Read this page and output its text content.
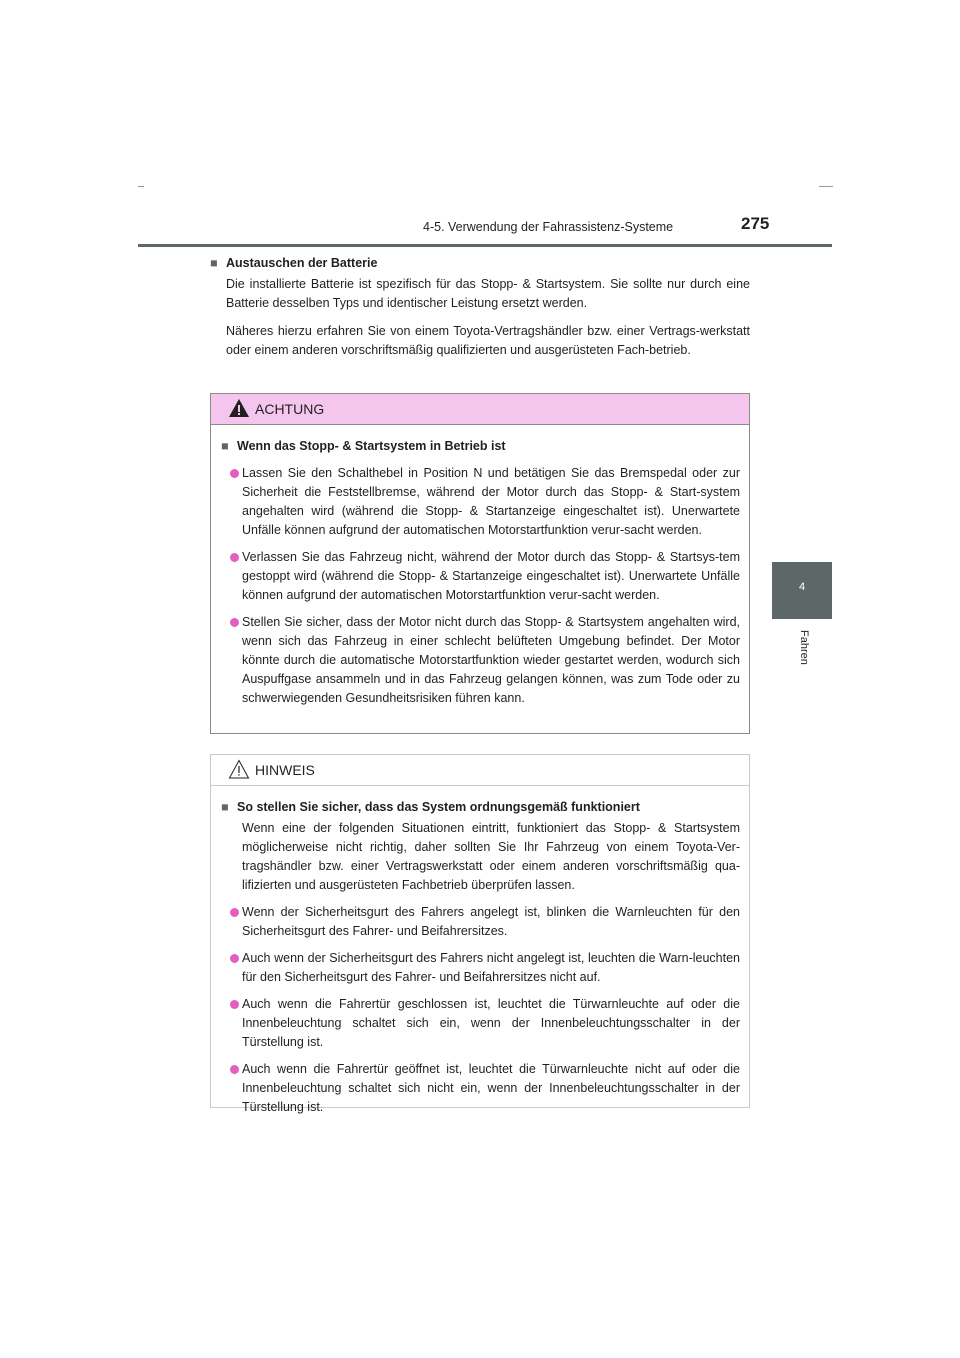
4-5. Verwendung der Fahrassistenz-Systeme	275
4
Fahren
■ Austauschen der Batterie

Die installierte Batterie ist spezifisch für das Stopp- & Startsystem. Sie sollte nur durch eine Batterie desselben Typs und identischer Leistung ersetzt werden.

Näheres hierzu erfahren Sie von einem Toyota-Vertragshändler bzw. einer Vertrags-werkstatt oder einem anderen vorschriftsmäßig qualifizierten und ausgerüsteten Fach-betrieb.

ACHTUNG
■ Wenn das Stopp- & Startsystem in Betrieb ist
Lassen Sie den Schalthebel in Position N und betätigen Sie das Bremspedal oder zur Sicherheit die Feststellbremse, während der Motor durch das Stopp- & Start-system angehalten wird (während die Stopp- & Startanzeige eingeschaltet ist). Unerwartete Unfälle können aufgrund der automatischen Motorstartfunktion verur-sacht werden.
Verlassen Sie das Fahrzeug nicht, während der Motor durch das Stopp- & Startsys-tem gestoppt wird (während die Stopp- & Startanzeige eingeschaltet ist). Unerwartete Unfälle können aufgrund der automatischen Motorstartfunktion verur-sacht werden.
Stellen Sie sicher, dass der Motor nicht durch das Stopp- & Startsystem angehalten wird, wenn sich das Fahrzeug in einer schlecht belüfteten Umgebung befindet. Der Motor könnte durch die automatische Motorstartfunktion wieder gestartet werden, wodurch sich Auspuffgase ansammeln und in das Fahrzeug gelangen können, was zum Tode oder zu schwerwiegenden Gesundheitsrisiken führen kann.
HINWEIS
■ So stellen Sie sicher, dass das System ordnungsgemäß funktioniert
Wenn eine der folgenden Situationen eintritt, funktioniert das Stopp- & Startsystem möglicherweise nicht richtig, daher sollten Sie Ihr Fahrzeug von einem Toyota-Ver-tragshändler bzw. einer Vertragswerkstatt oder einem anderen vorschriftsmäßig qua-lifizierten und ausgerüsteten Fachbetrieb überprüfen lassen.
Wenn der Sicherheitsgurt des Fahrers angelegt ist, blinken die Warnleuchten für den Sicherheitsgurt des Fahrer- und Beifahrersitzes.
Auch wenn der Sicherheitsgurt des Fahrers nicht angelegt ist, leuchten die Warn-leuchten für den Sicherheitsgurt des Fahrer- und Beifahrersitzes nicht auf.
Auch wenn die Fahrertür geschlossen ist, leuchtet die Türwarnleuchte auf oder die Innenbeleuchtung schaltet sich ein, wenn der Innenbeleuchtungsschalter in der Türstellung ist.
Auch wenn die Fahrertür geöffnet ist, leuchtet die Türwarnleuchte nicht auf oder die Innenbeleuchtung schaltet sich nicht ein, wenn der Innenbeleuchtungsschalter in der Türstellung ist.
